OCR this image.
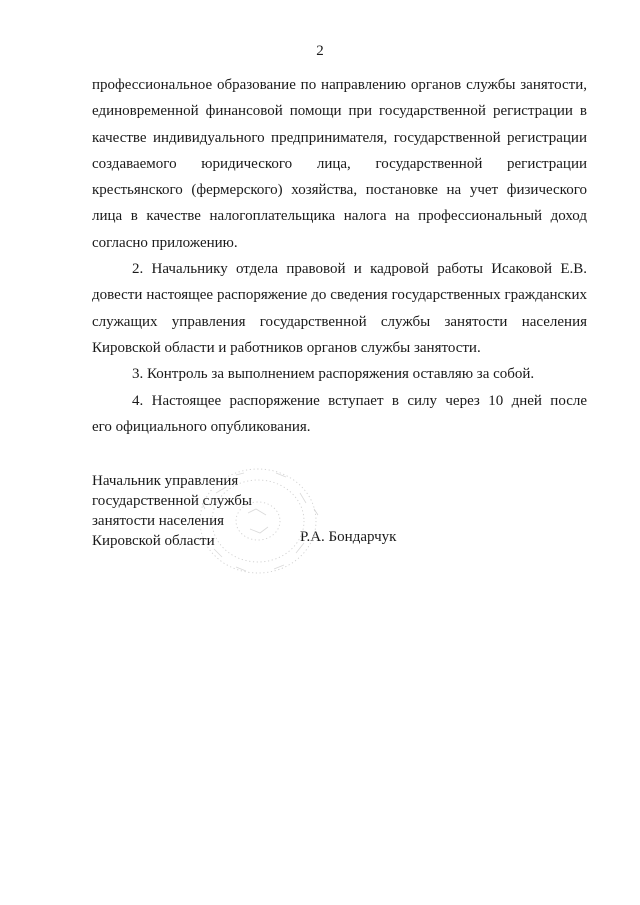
2
профессиональное образование по направлению органов службы занятости,
единовременной финансовой помощи при государственной регистрации в
качестве индивидуального предпринимателя, государственной регистрации
создаваемого юридического лица, государственной регистрации
крестьянского (фермерского) хозяйства, постановке на учет физического
лица в качестве налогоплательщика налога на профессиональный доход
согласно приложению.
2. Начальнику отдела правовой и кадровой работы Исаковой Е.В.
довести настоящее распоряжение до сведения государственных гражданских
служащих управления государственной службы занятости населения
Кировской области и работников органов службы занятости.
3. Контроль за выполнением распоряжения оставляю за собой.
4. Настоящее распоряжение вступает в силу через 10 дней после
его официального опубликования.
Начальник управления
государственной службы
занятости населения
Кировской области	Р.А. Бондарчук
